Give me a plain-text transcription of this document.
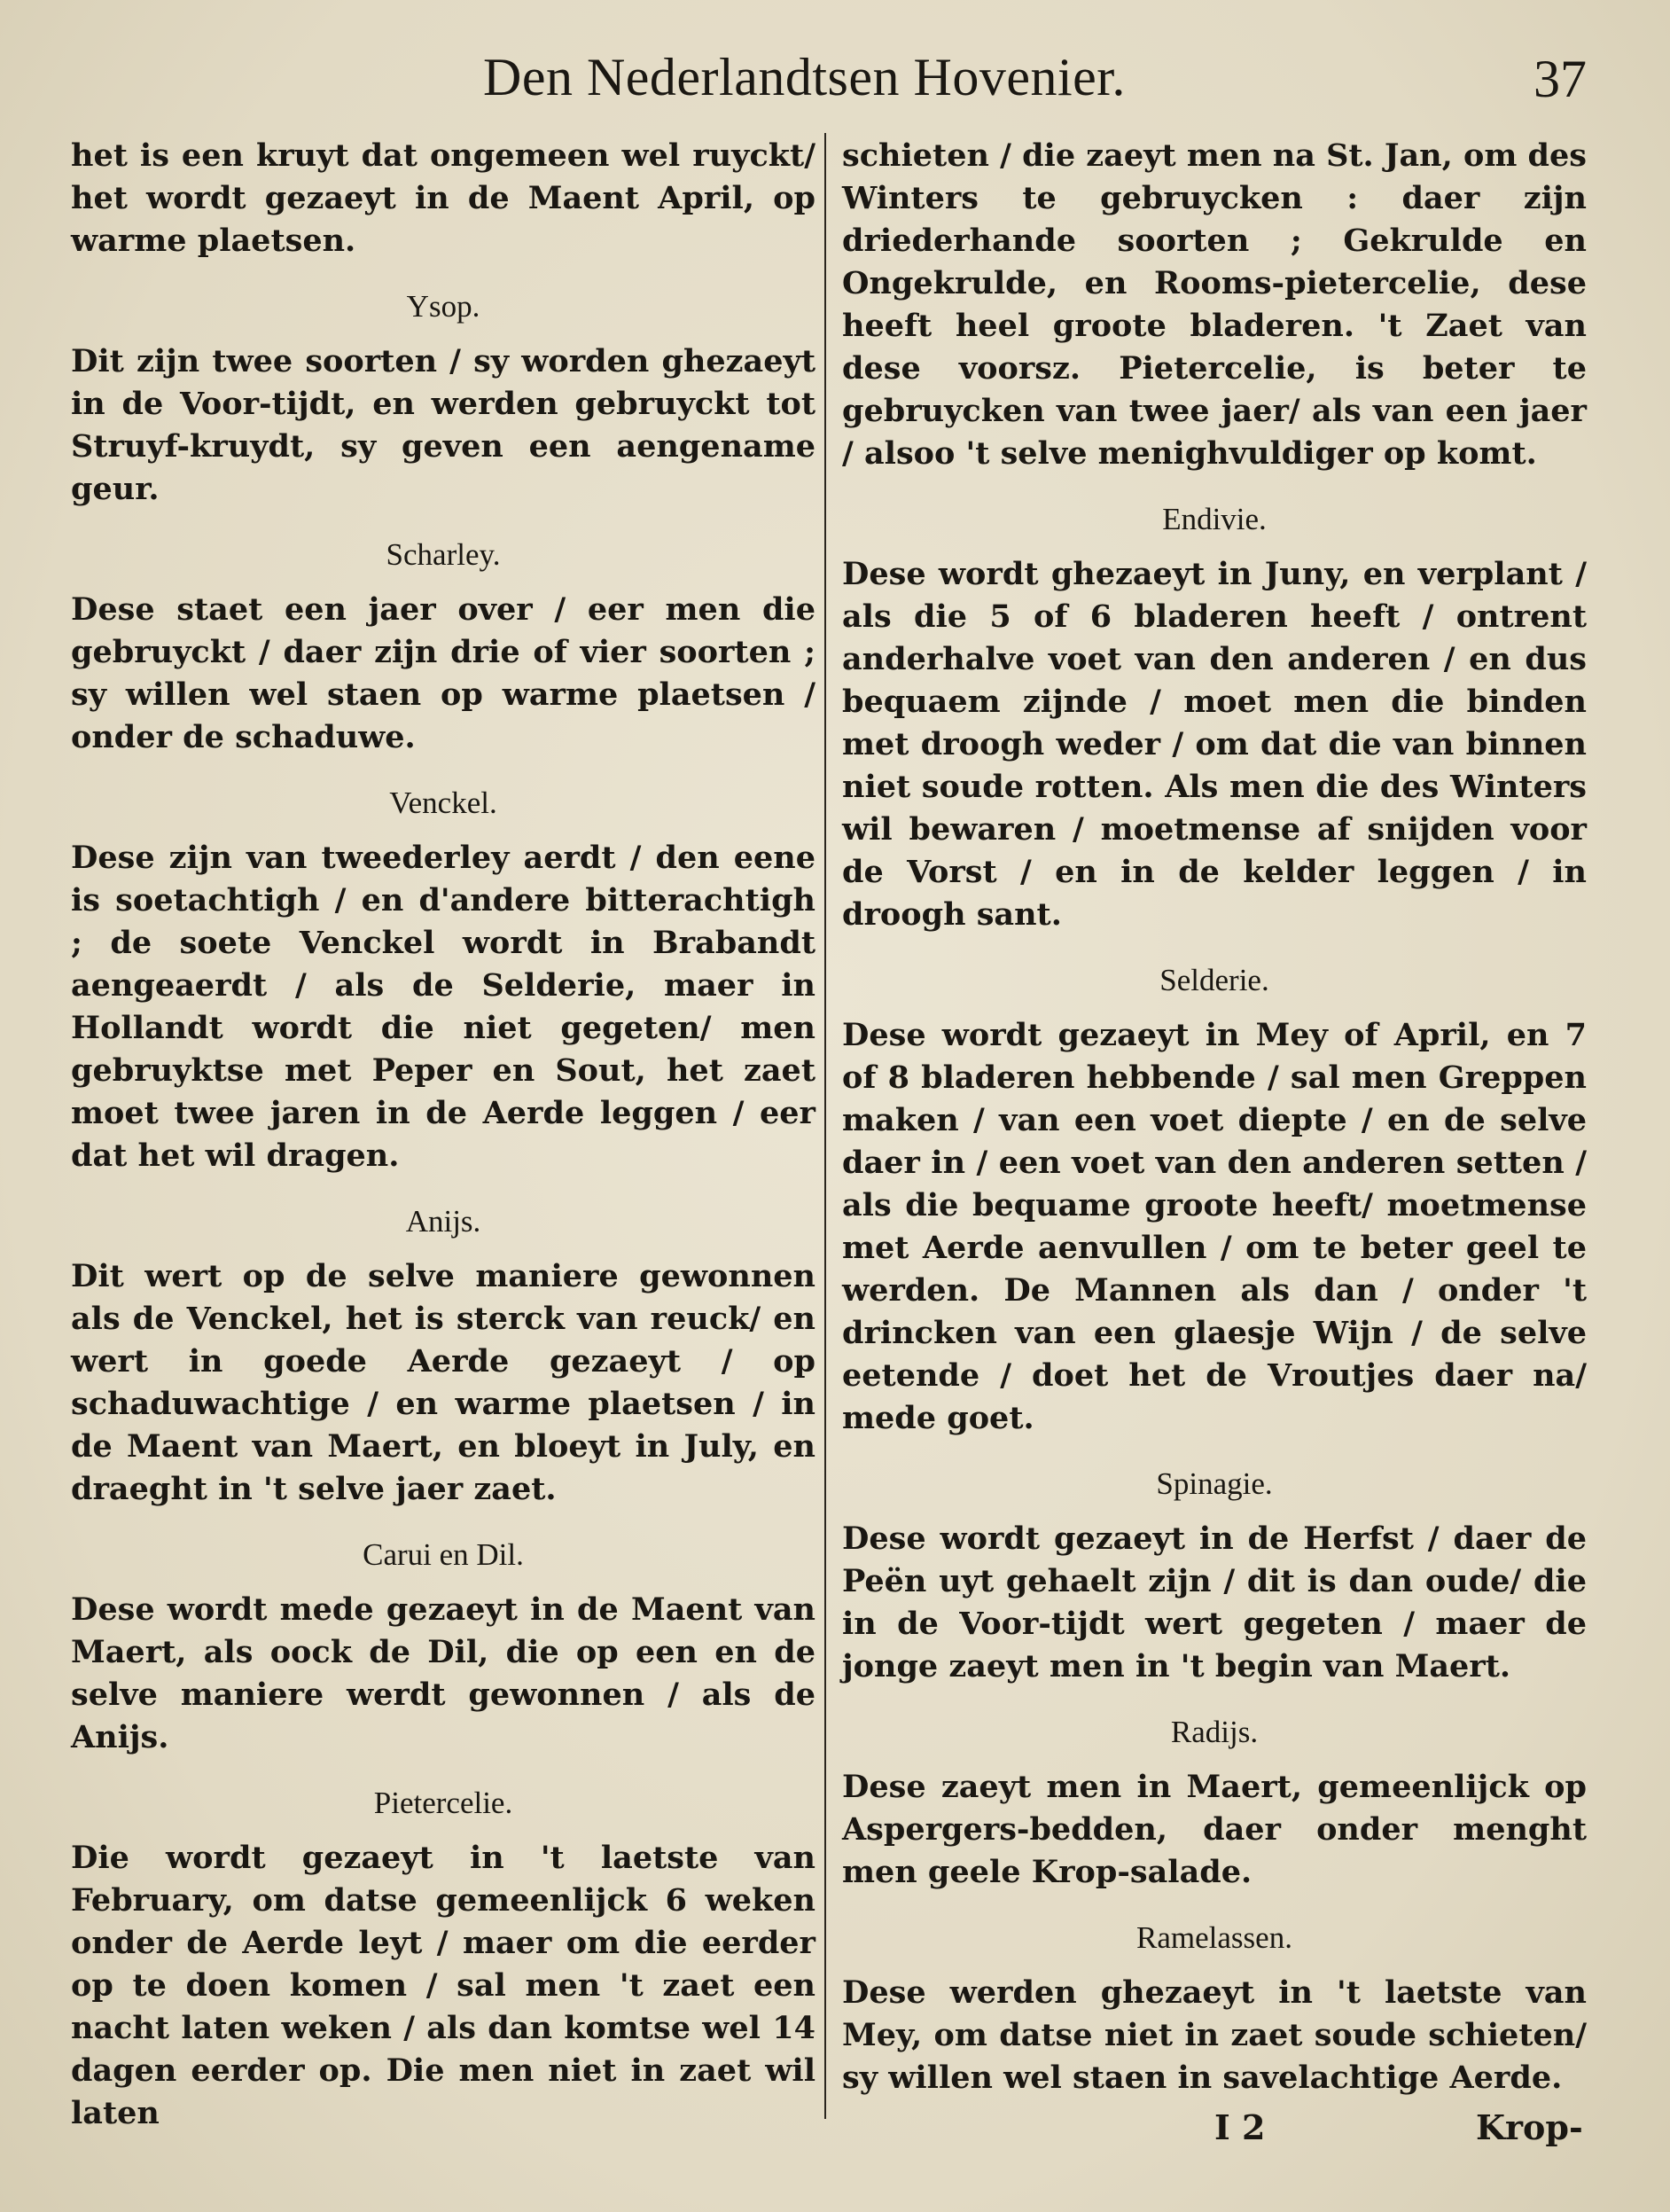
Den Nederlandtsen Hovenier.	37

het is een kruyt dat ongemeen wel ruyckt/ het wordt gezaeyt in de Maent April, op warme plaetsen.

Ysop.

Dit zijn twee soorten / sy worden ghezaeyt in de Voor-tijdt, en werden gebruyckt tot Struyf-kruydt, sy geven een aengename geur.

Scharley.

Dese staet een jaer over / eer men die gebruyckt / daer zijn drie of vier soorten ; sy willen wel staen op warme plaetsen / onder de schaduwe.

Venckel.

Dese zijn van tweederley aerdt / den eene is soetachtigh / en d'andere bitterachtigh ; de soete Venckel wordt in Brabandt aengeaerdt / als de Selderie, maer in Hollandt wordt die niet gegeten/ men gebruyktse met Peper en Sout, het zaet moet twee jaren in de Aerde leggen / eer dat het wil dragen.

Anijs.

Dit wert op de selve maniere gewonnen als de Venckel, het is sterck van reuck/ en wert in goede Aerde gezaeyt / op schaduwachtige / en warme plaetsen / in de Maent van Maert, en bloeyt in July, en draeght in 't selve jaer zaet.

Carui en Dil.

Dese wordt mede gezaeyt in de Maent van Maert, als oock de Dil, die op een en de selve maniere werdt gewonnen / als de Anijs.

Pietercelie.

Die wordt gezaeyt in 't laetste van February, om datse gemeenlijck 6 weken onder de Aerde leyt / maer om die eerder op te doen komen / sal men 't zaet een nacht laten weken / als dan komtse wel 14 dagen eerder op. Die men niet in zaet wil laten

schieten / die zaeyt men na St. Jan, om des Winters te gebruycken : daer zijn driederhande soorten ; Gekrulde en Ongekrulde, en Rooms-pietercelie, dese heeft heel groote bladeren. 't Zaet van dese voorsz. Pietercelie, is beter te gebruycken van twee jaer/ als van een jaer / alsoo 't selve menighvuldiger op komt.

Endivie.

Dese wordt ghezaeyt in Juny, en verplant / als die 5 of 6 bladeren heeft / ontrent anderhalve voet van den anderen / en dus bequaem zijnde / moet men die binden met droogh weder / om dat die van binnen niet soude rotten. Als men die des Winters wil bewaren / moetmense af snijden voor de Vorst / en in de kelder leggen / in droogh sant.

Selderie.

Dese wordt gezaeyt in Mey of April, en 7 of 8 bladeren hebbende / sal men Greppen maken / van een voet diepte / en de selve daer in / een voet van den anderen setten / als die bequame groote heeft/ moetmense met Aerde aenvullen / om te beter geel te werden. De Mannen als dan / onder 't drincken van een glaesje Wijn / de selve eetende / doet het de Vroutjes daer na/ mede goet.

Spinagie.

Dese wordt gezaeyt in de Herfst / daer de Peën uyt gehaelt zijn / dit is dan oude/ die in de Voor-tijdt wert gegeten / maer de jonge zaeyt men in 't begin van Maert.

Radijs.

Dese zaeyt men in Maert, gemeenlijck op Aspergers-bedden, daer onder menght men geele Krop-salade.

Ramelassen.

Dese werden ghezaeyt in 't laetste van Mey, om datse niet in zaet soude schieten/ sy willen wel staen in savelachtige Aerde.

I 2	Krop-
